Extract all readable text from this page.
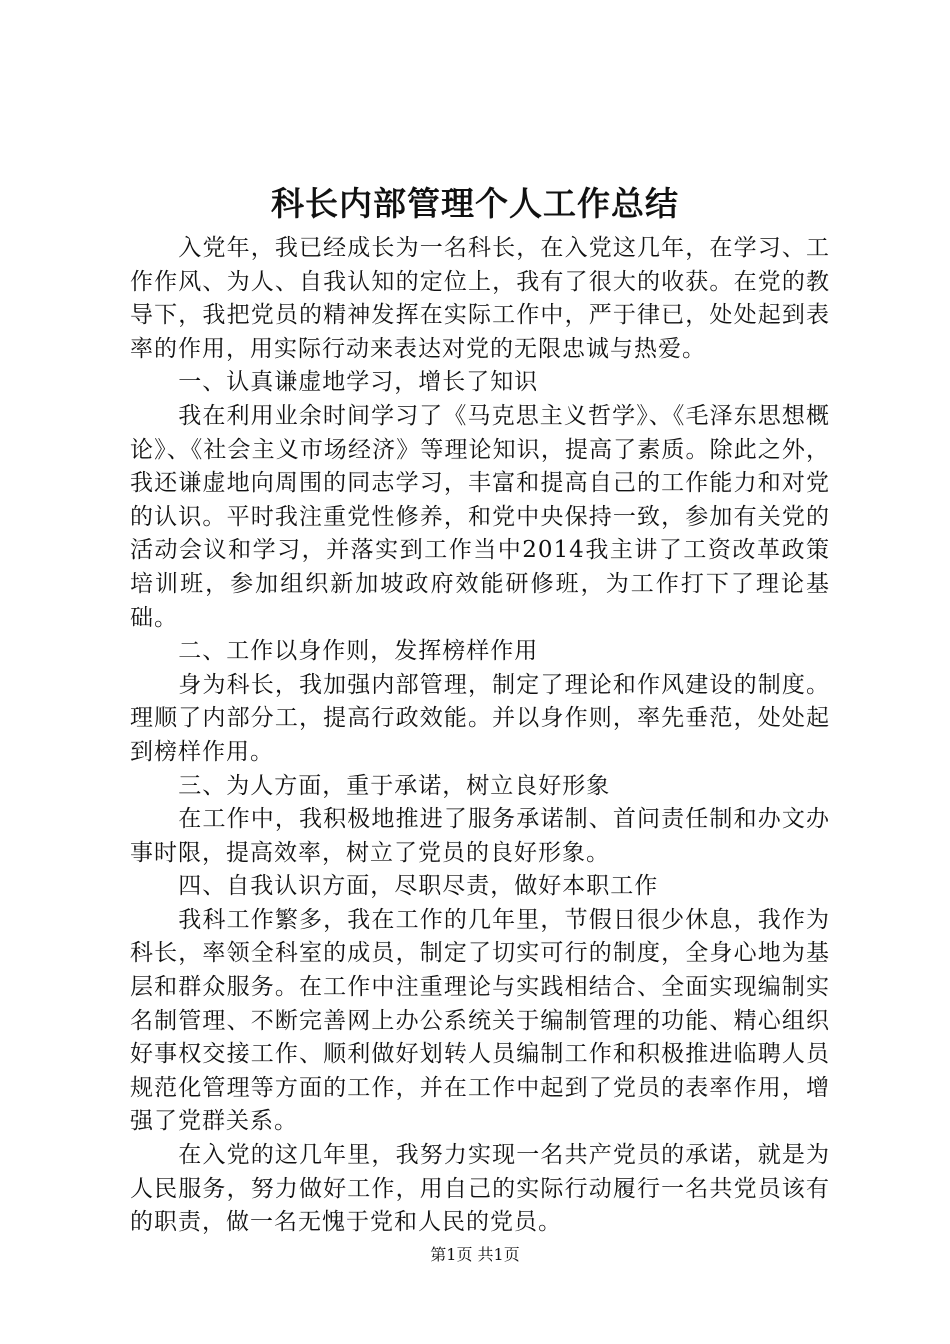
科长内部管理个人工作总结

入党年，我已经成长为一名科长，在入党这几年，在学习、工作作风、为人、自我认知的定位上，我有了很大的收获。在党的教导下，我把党员的精神发挥在实际工作中，严于律已，处处起到表率的作用，用实际行动来表达对党的无限忠诚与热爱。

一、认真谦虚地学习，增长了知识

我在利用业余时间学习了《马克思主义哲学》、《毛泽东思想概论》、《社会主义市场经济》等理论知识，提高了素质。除此之外，我还谦虚地向周围的同志学习，丰富和提高自己的工作能力和对党的认识。平时我注重党性修养，和党中央保持一致，参加有关党的活动会议和学习，并落实到工作当中2014我主讲了工资改革政策培训班，参加组织新加坡政府效能研修班，为工作打下了理论基础。

二、工作以身作则，发挥榜样作用

身为科长，我加强内部管理，制定了理论和作风建设的制度。理顺了内部分工，提高行政效能。并以身作则，率先垂范，处处起到榜样作用。

三、为人方面，重于承诺，树立良好形象

在工作中，我积极地推进了服务承诺制、首问责任制和办文办事时限，提高效率，树立了党员的良好形象。

四、自我认识方面，尽职尽责，做好本职工作

我科工作繁多，我在工作的几年里，节假日很少休息，我作为科长，率领全科室的成员，制定了切实可行的制度，全身心地为基层和群众服务。在工作中注重理论与实践相结合、全面实现编制实名制管理、不断完善网上办公系统关于编制管理的功能、精心组织好事权交接工作、顺利做好划转人员编制工作和积极推进临聘人员规范化管理等方面的工作，并在工作中起到了党员的表率作用，增强了党群关系。

在入党的这几年里，我努力实现一名共产党员的承诺，就是为人民服务，努力做好工作，用自己的实际行动履行一名共党员该有的职责，做一名无愧于党和人民的党员。

第1页 共1页
